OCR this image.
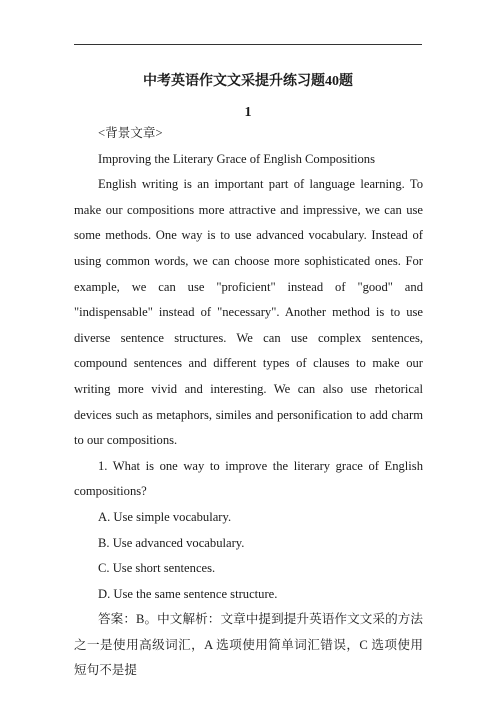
中考英语作文文采提升练习题40题
1

<背景文章>

Improving the Literary Grace of English Compositions

English writing is an important part of language learning. To make our compositions more attractive and impressive, we can use some methods. One way is to use advanced vocabulary. Instead of using common words, we can choose more sophisticated ones. For example, we can use "proficient" instead of "good" and "indispensable" instead of "necessary". Another method is to use diverse sentence structures. We can use complex sentences, compound sentences and different types of clauses to make our writing more vivid and interesting. We can also use rhetorical devices such as metaphors, similes and personification to add charm to our compositions.

1. What is one way to improve the literary grace of English compositions?

A. Use simple vocabulary.

B. Use advanced vocabulary.

C. Use short sentences.

D. Use the same sentence structure.

答案：B。中文解析：文章中提到提升英语作文文采的方法之一是使用高级词汇，A 选项使用简单词汇错误，C 选项使用短句不是提
